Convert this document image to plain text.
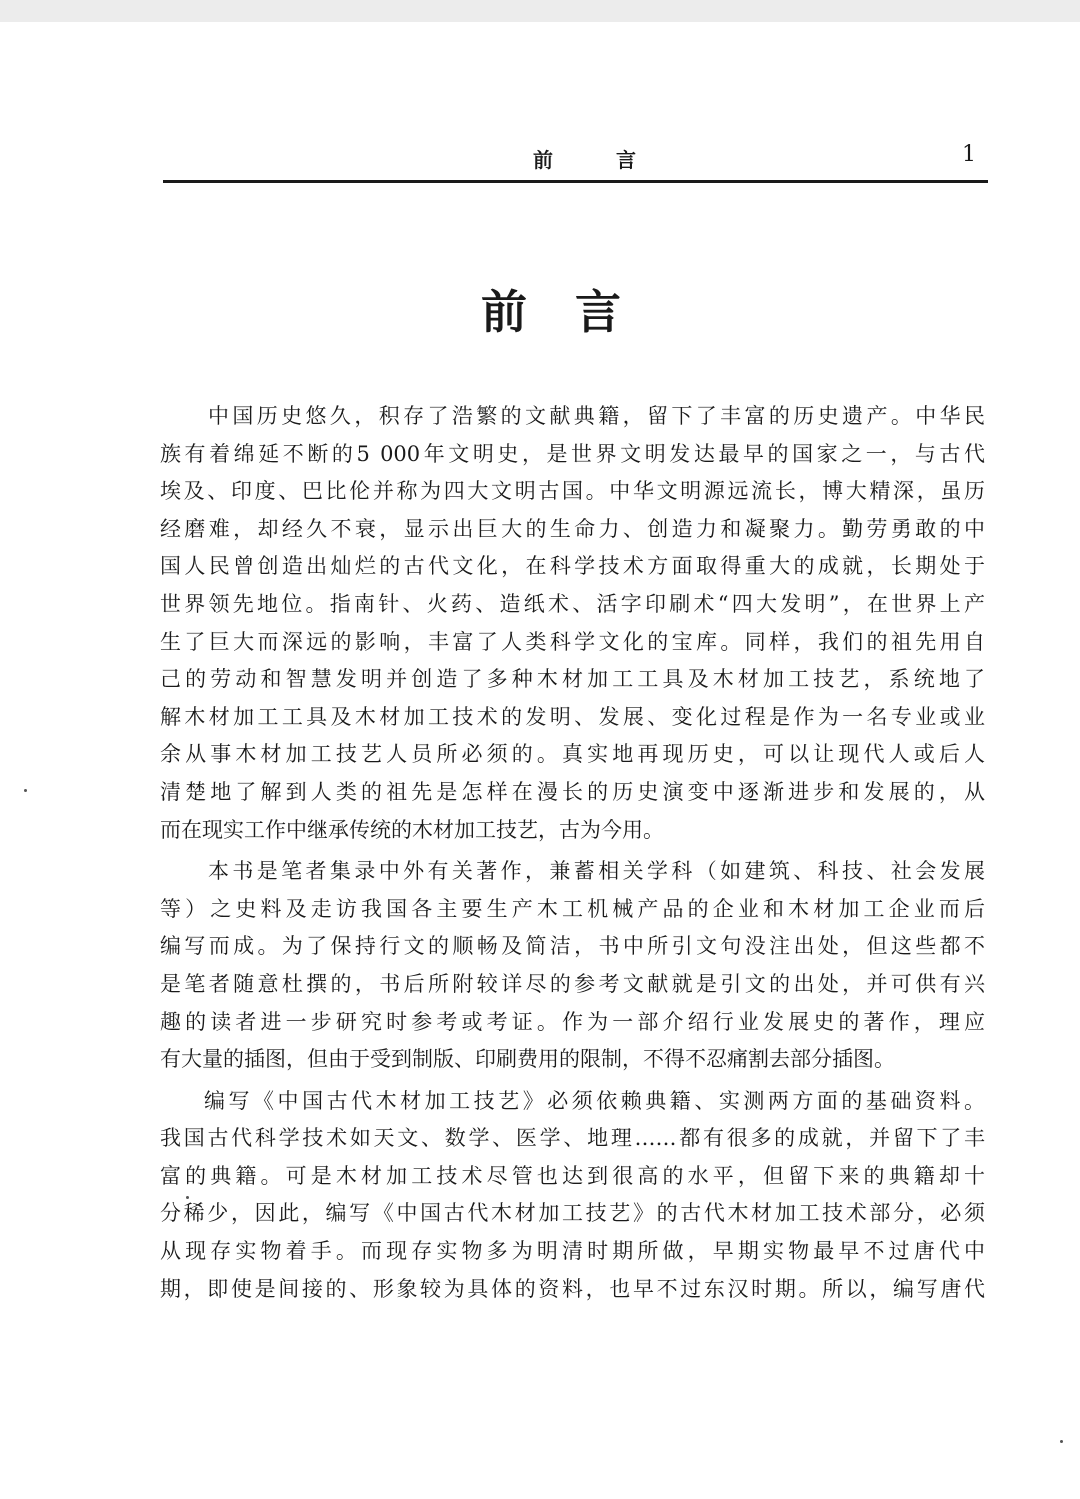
前 言	1
前言
中国历史悠久，积存了浩繁的文献典籍，留下了丰富的历史遗产。中华民
族有着绵延不断的5 000年文明史，是世界文明发达最早的国家之一，与古代
埃及、印度、巴比伦并称为四大文明古国。中华文明源远流长，博大精深，虽历
经磨难，却经久不衰，显示出巨大的生命力、创造力和凝聚力。勤劳勇敢的中
国人民曾创造出灿烂的古代文化，在科学技术方面取得重大的成就，长期处于
世界领先地位。指南针、火药、造纸术、活字印刷术“四大发明”，在世界上产
生了巨大而深远的影响，丰富了人类科学文化的宝库。同样，我们的祖先用自
己的劳动和智慧发明并创造了多种木材加工工具及木材加工技艺，系统地了
解木材加工工具及木材加工技术的发明、发展、变化过程是作为一名专业或业
余从事木材加工技艺人员所必须的。真实地再现历史，可以让现代人或后人
清楚地了解到人类的祖先是怎样在漫长的历史演变中逐渐进步和发展的，从
而在现实工作中继承传统的木材加工技艺，古为今用。
本书是笔者集录中外有关著作，兼蓄相关学科（如建筑、科技、社会发展
等）之史料及走访我国各主要生产木工机械产品的企业和木材加工企业而后
编写而成。为了保持行文的顺畅及简洁，书中所引文句没注出处，但这些都不
是笔者随意杜撰的，书后所附较详尽的参考文献就是引文的出处，并可供有兴
趣的读者进一步研究时参考或考证。作为一部介绍行业发展史的著作，理应
有大量的插图，但由于受到制版、印刷费用的限制，不得不忍痛割去部分插图。
编写《中国古代木材加工技艺》必须依赖典籍、实测两方面的基础资料。
我国古代科学技术如天文、数学、医学、地理……都有很多的成就，并留下了丰
富的典籍。可是木材加工技术尽管也达到很高的水平，但留下来的典籍却十
分稀少，因此，编写《中国古代木材加工技艺》的古代木材加工技术部分，必须
从现存实物着手。而现存实物多为明清时期所做，早期实物最早不过唐代中
期，即使是间接的、形象较为具体的资料，也早不过东汉时期。所以，编写唐代
